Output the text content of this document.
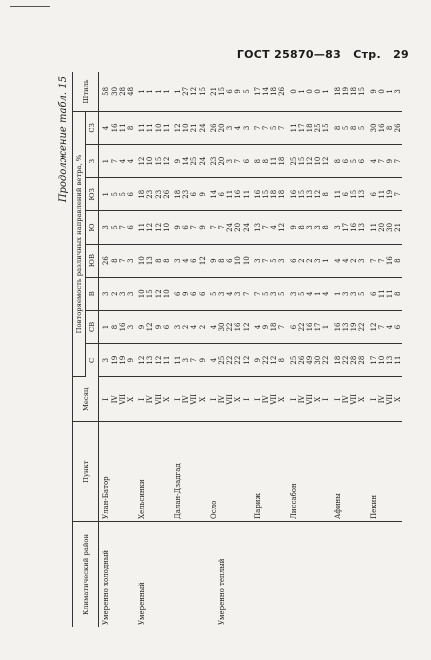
ГОСТ 25870—83 Стр. 29
Продолжение табл. 15
Климатический район	Пункт	Месяц	Повторяемость различных направлений ветра, %								Штиль
			С	СВ	В	ЮВ	Ю	ЮЗ	З	СЗ	
Умеренно холодный	Улан-Батор	I	3	1	3	26	3	1	1	4	58
		IV	19	8	2	8	5	5	7	16	30
		VII	19	16	3	7	7	5	4	11	28
		X	9	3	3	3	6	6	4	8	48
Умеренный	Хельсинки	I	12	9	10	10	11	18	12	11	1
		IV	13	12	15	13	12	23	10	11	1
		VII	12	9	12	8	12	23	15	10	1
		X	11	6	10	8	10	26	12	11	1
	Далан-Дзадгад	I	11	3	6	3	9	18	9	12	1
		IV	3	2	9	4	6	23	14	10	27
		VII	7	4	6	6	7	6	25	21	12
		X	9	2	6	12	9	9	24	24	15
	Осло	I	4	4	5	9	7	14	23	26	21
Умеренно теплый		IV	25	30	3	8	7	6	20	20	15
		VII	22	22	4	6	24	11	3	3	6
		X	22	16	3	10	20	16	7	4	9
		I	12	12	7	10	24	11	6	3	5
	Париж	I	9	4	7	3	13	16	8	7	17
		IV	22	9	5	7	7	15	8	7	14
		VII	12	18	3	5	4	18	11	5	18
		X	8	7	5	3	12	18	18	7	26
	Лиссабон	I	25	6	3	6	9	16	25	11	0
		IV	26	22	5	2	8	15	15	17	1
		VII	49	16	4	2	3	13	12	18	0
		X	30	17	1	3	3	12	10	25	0
		I	22	1	4	1	8	8	12	15	1
	Афины	I	18	16	1	4	3	11	8	8	18
		IV	22	13	3	4	17	6	6	5	19
		VII	28	19	3	2	16	15	5	8	18
		X	28	22	5	3	13	13	6	5	15
	Пекин	I	17	12	6	7	11	6	4	30	9
		IV	10	7	11	7	20	11	7	16	0
		VII	13	4	11	16	30	19	9	8	1
		X	11	6	8	8	21	7	7	26	3
